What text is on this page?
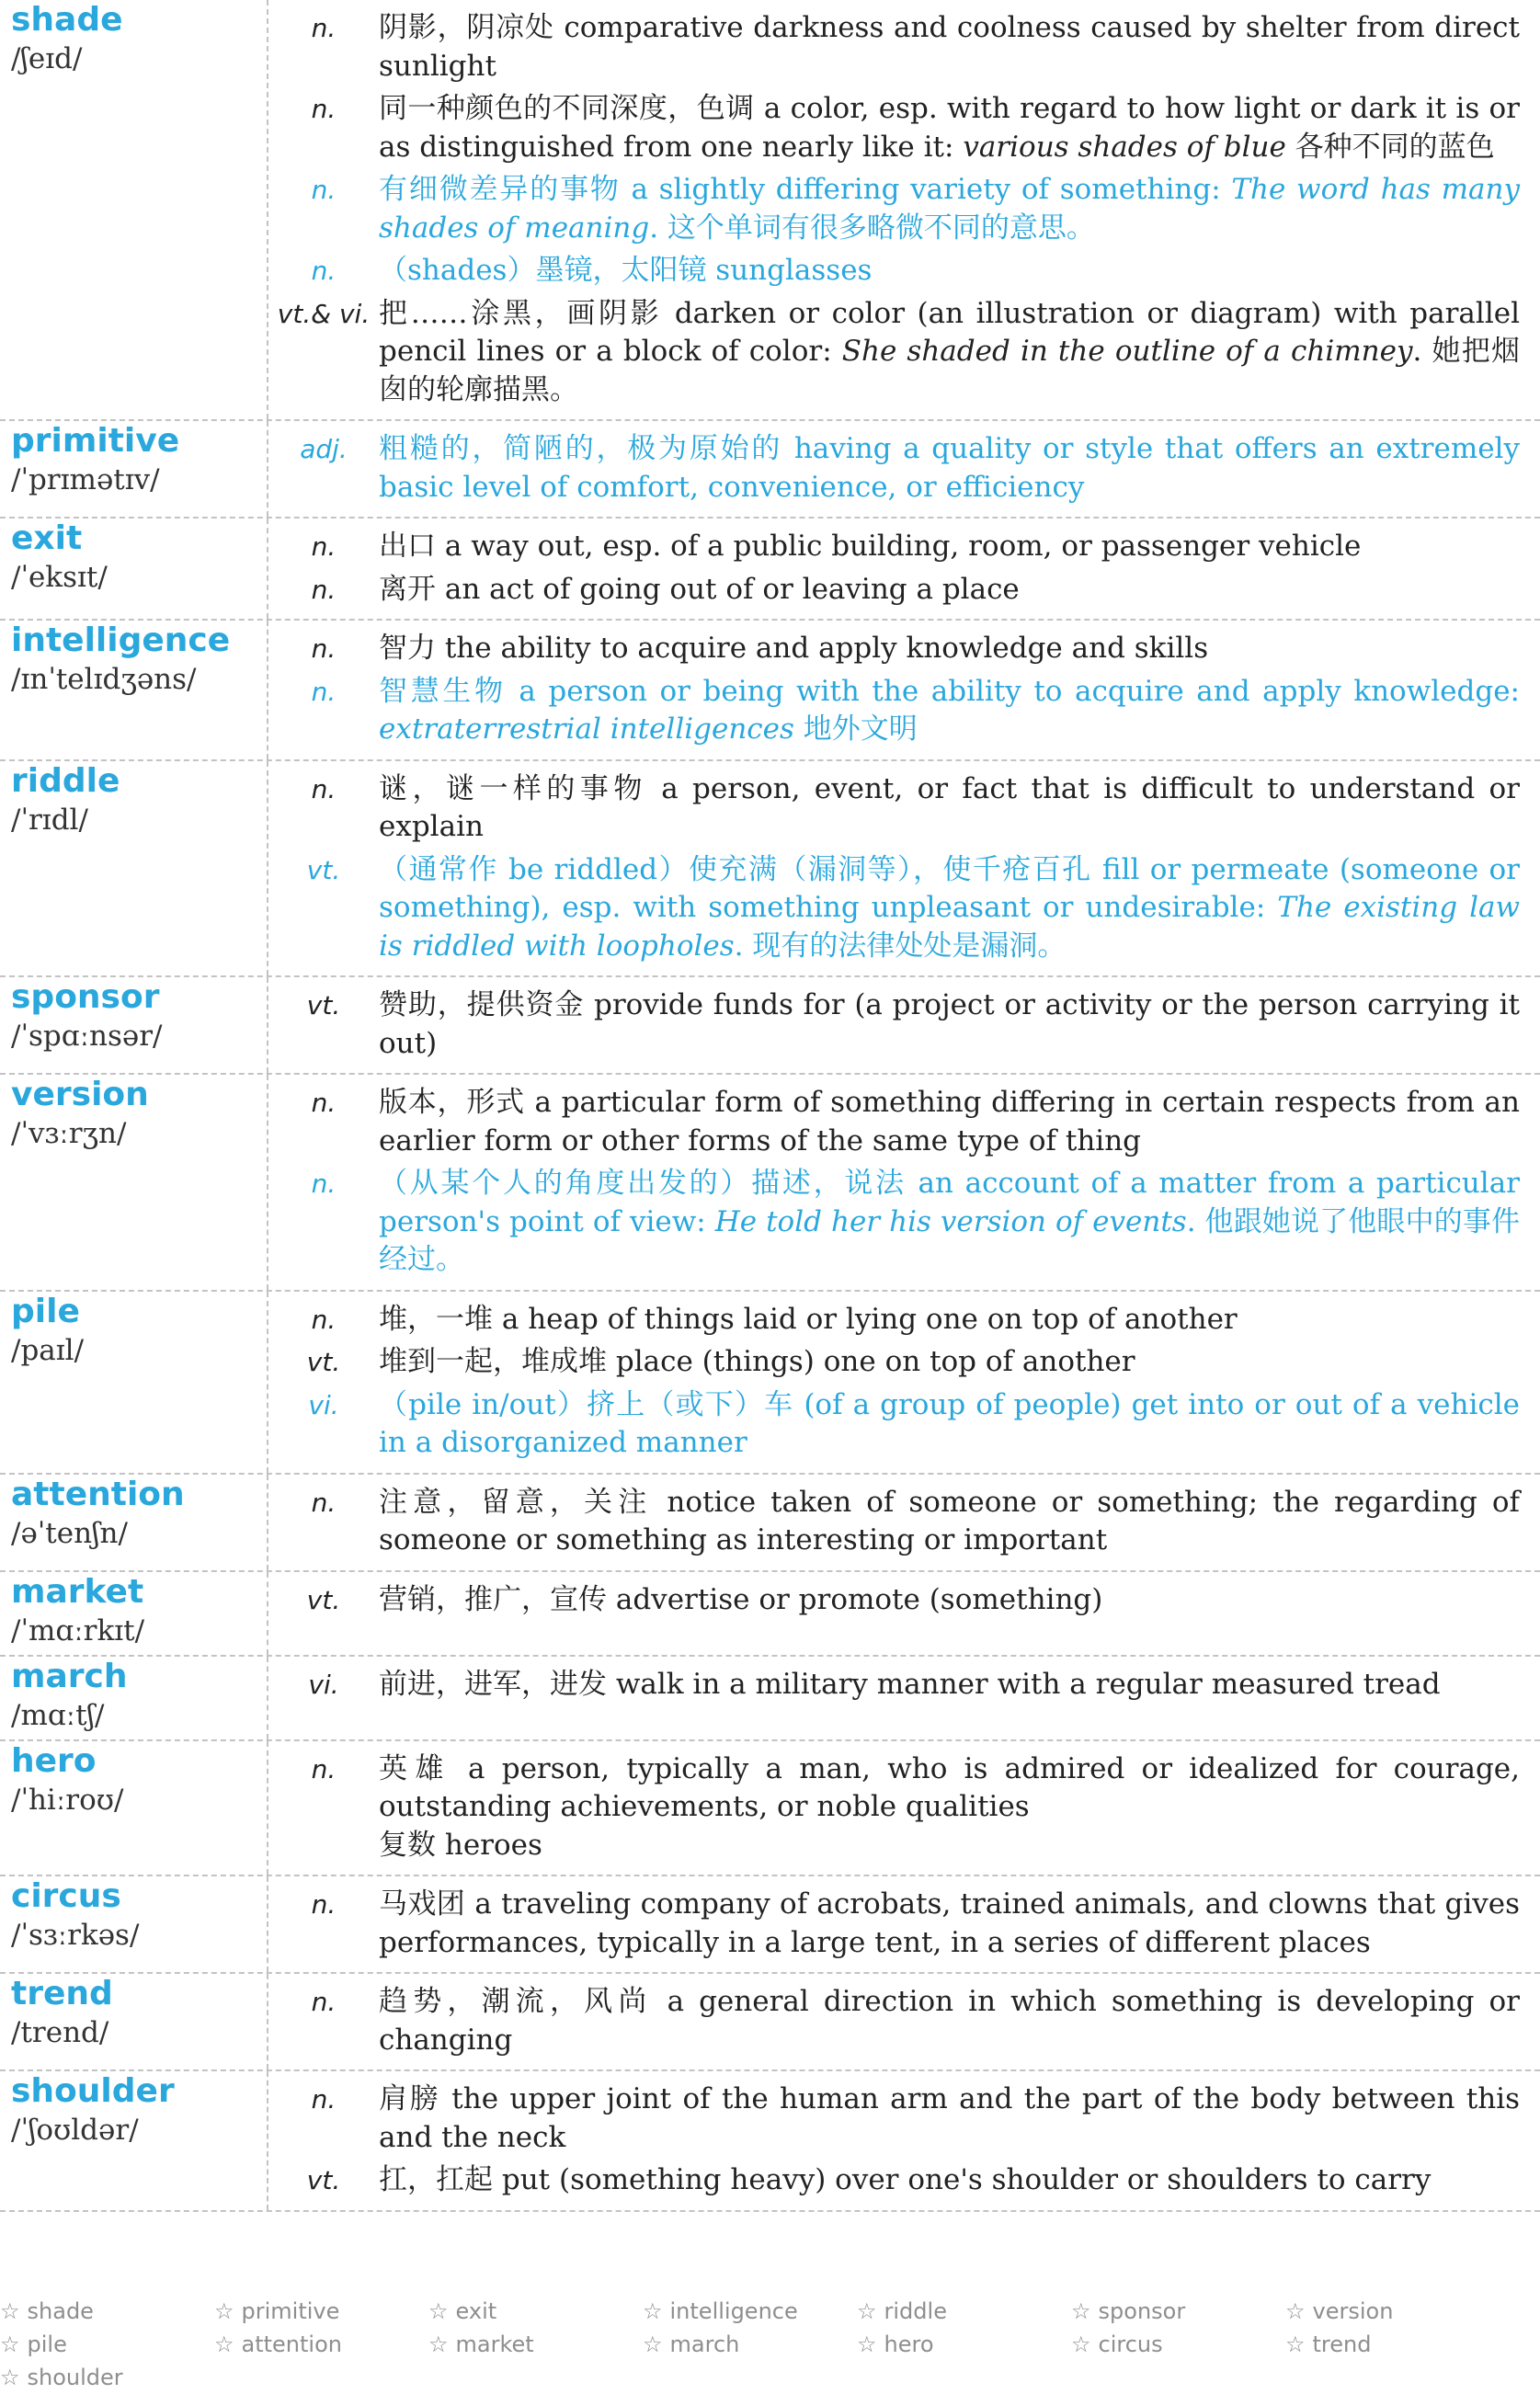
shade
/ʃeɪd/
n.	阴影，阴凉处 comparative darkness and coolness caused by shelter from direct sunlight
n.	同一种颜色的不同深度，色调 a color, esp. with regard to how light or dark it is or as distinguished from one nearly like it: various shades of blue 各种不同的蓝色
n.	有细微差异的事物 a slightly differing variety of something: The word has many shades of meaning. 这个单词有很多略微不同的意思。
n.	（shades）墨镜，太阳镜 sunglasses
vt.& vi. 把……涂黑，画阴影 darken or color (an illustration or diagram) with parallel pencil lines or a block of color: She shaded in the outline of a chimney. 她把烟囱的轮廓描黑。
primitive
/ˈprɪmətɪv/
adj.	粗糙的，简陋的，极为原始的 having a quality or style that offers an extremely basic level of comfort, convenience, or efficiency
exit
/ˈeksɪt/
n.	出口 a way out, esp. of a public building, room, or passenger vehicle
n.	离开 an act of going out of or leaving a place
intelligence
/ɪnˈtelɪdʒəns/
n.	智力 the ability to acquire and apply knowledge and skills
n.	智慧生物 a person or being with the ability to acquire and apply knowledge: extraterrestrial intelligences 地外文明
riddle
/ˈrɪdl/
n.	谜，谜一样的事物 a person, event, or fact that is difficult to understand or explain
vt.	（通常作 be riddled）使充满（漏洞等），使千疮百孔 fill or permeate (someone or something), esp. with something unpleasant or undesirable: The existing law is riddled with loopholes. 现有的法律处处是漏洞。
sponsor
/ˈspɑːnsər/
vt.	赞助，提供资金 provide funds for (a project or activity or the person carrying it out)
version
/ˈvɜːrʒn/
n.	版本，形式 a particular form of something differing in certain respects from an earlier form or other forms of the same type of thing
n.	（从某个人的角度出发的）描述，说法 an account of a matter from a particular person's point of view: He told her his version of events. 他跟她说了他眼中的事件经过。
pile
/paɪl/
n.	堆，一堆 a heap of things laid or lying one on top of another
vt.	堆到一起，堆成堆 place (things) one on top of another
vi.	（pile in/out）挤上（或下）车 (of a group of people) get into or out of a vehicle in a disorganized manner
attention
/əˈtenʃn/
n.	注意，留意，关注 notice taken of someone or something; the regarding of someone or something as interesting or important
market
/ˈmɑːrkɪt/
vt.	营销，推广，宣传 advertise or promote (something)
march
/mɑːtʃ/
vi.	前进，进军，进发 walk in a military manner with a regular measured tread
hero
/ˈhiːroʊ/
n.	英雄 a person, typically a man, who is admired or idealized for courage, outstanding achievements, or noble qualities
复数 heroes
circus
/ˈsɜːrkəs/
n.	马戏团 a traveling company of acrobats, trained animals, and clowns that gives performances, typically in a large tent, in a series of different places
trend
/trend/
n.	趋势，潮流，风尚 a general direction in which something is developing or changing
shoulder
/ˈʃoʊldər/
n.	肩膀 the upper joint of the human arm and the part of the body between this and the neck
vt.	扛，扛起 put (something heavy) over one's shoulder or shoulders to carry
☆ shade	☆ primitive	☆ exit	☆ intelligence	☆ riddle	☆ sponsor	☆ version
☆ pile	☆ attention	☆ market	☆ march	☆ hero	☆ circus	☆ trend
☆ shoulder
